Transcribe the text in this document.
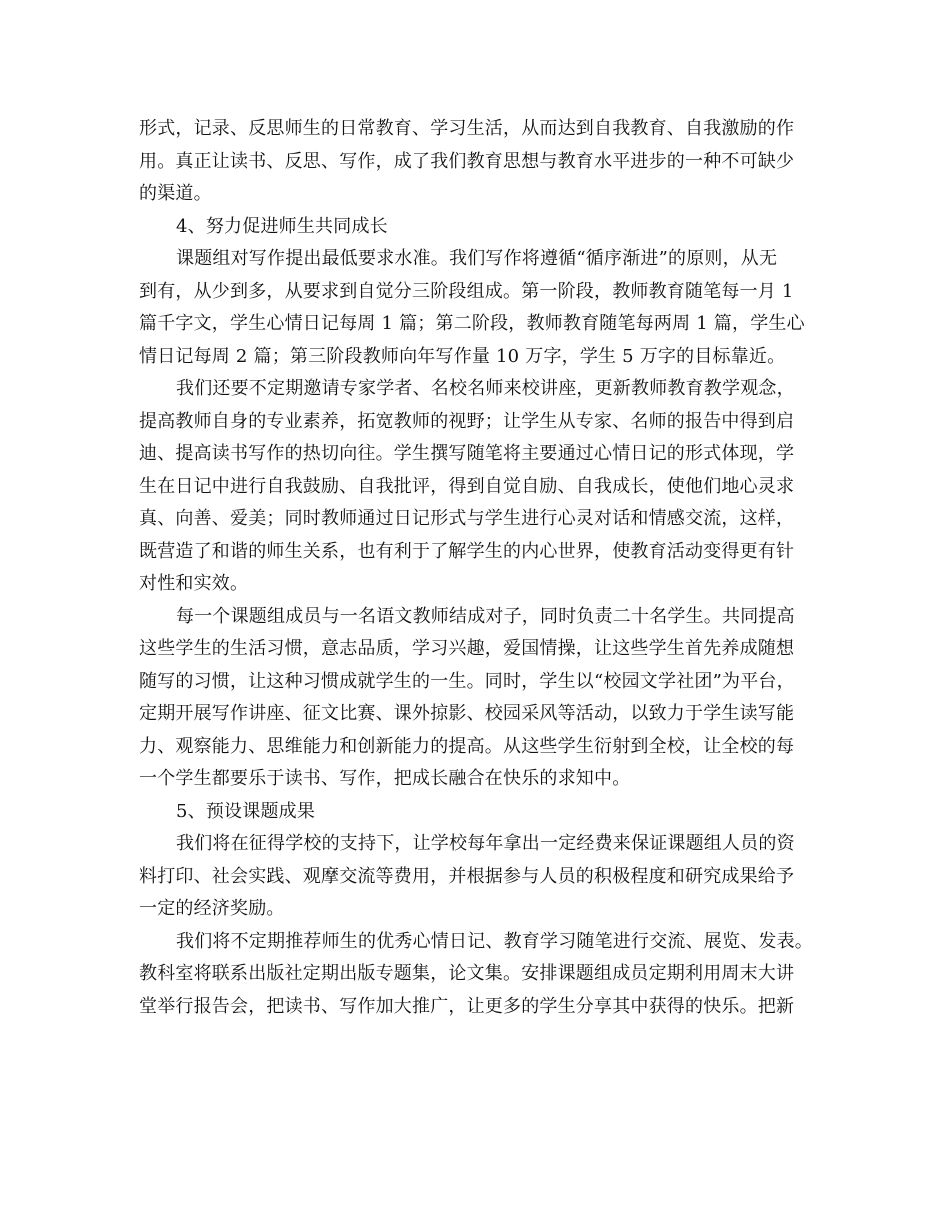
形式，记录、反思师生的日常教育、学习生活，从而达到自我教育、自我激励的作
用。真正让读书、反思、写作，成了我们教育思想与教育水平进步的一种不可缺少
的渠道。
4、努力促进师生共同成长
课题组对写作提出最低要求水准。我们写作将遵循“循序渐进”的原则，从无
到有，从少到多，从要求到自觉分三阶段组成。第一阶段，教师教育随笔每一月 1
篇千字文，学生心情日记每周 1 篇；第二阶段，教师教育随笔每两周 1 篇，学生心
情日记每周 2 篇；第三阶段教师向年写作量 10 万字，学生 5 万字的目标靠近。
我们还要不定期邀请专家学者、名校名师来校讲座，更新教师教育教学观念，
提高教师自身的专业素养，拓宽教师的视野；让学生从专家、名师的报告中得到启
迪、提高读书写作的热切向往。学生撰写随笔将主要通过心情日记的形式体现，学
生在日记中进行自我鼓励、自我批评，得到自觉自励、自我成长，使他们地心灵求
真、向善、爱美；同时教师通过日记形式与学生进行心灵对话和情感交流，这样，
既营造了和谐的师生关系，也有利于了解学生的内心世界，使教育活动变得更有针
对性和实效。
每一个课题组成员与一名语文教师结成对子，同时负责二十名学生。共同提高
这些学生的生活习惯，意志品质，学习兴趣，爱国情操，让这些学生首先养成随想
随写的习惯，让这种习惯成就学生的一生。同时，学生以“校园文学社团”为平台，
定期开展写作讲座、征文比赛、课外掠影、校园采风等活动，以致力于学生读写能
力、观察能力、思维能力和创新能力的提高。从这些学生衍射到全校，让全校的每
一个学生都要乐于读书、写作，把成长融合在快乐的求知中。
5、预设课题成果
我们将在征得学校的支持下，让学校每年拿出一定经费来保证课题组人员的资
料打印、社会实践、观摩交流等费用，并根据参与人员的积极程度和研究成果给予
一定的经济奖励。
我们将不定期推荐师生的优秀心情日记、教育学习随笔进行交流、展览、发表。
教科室将联系出版社定期出版专题集，论文集。安排课题组成员定期利用周末大讲
堂举行报告会，把读书、写作加大推广，让更多的学生分享其中获得的快乐。把新
